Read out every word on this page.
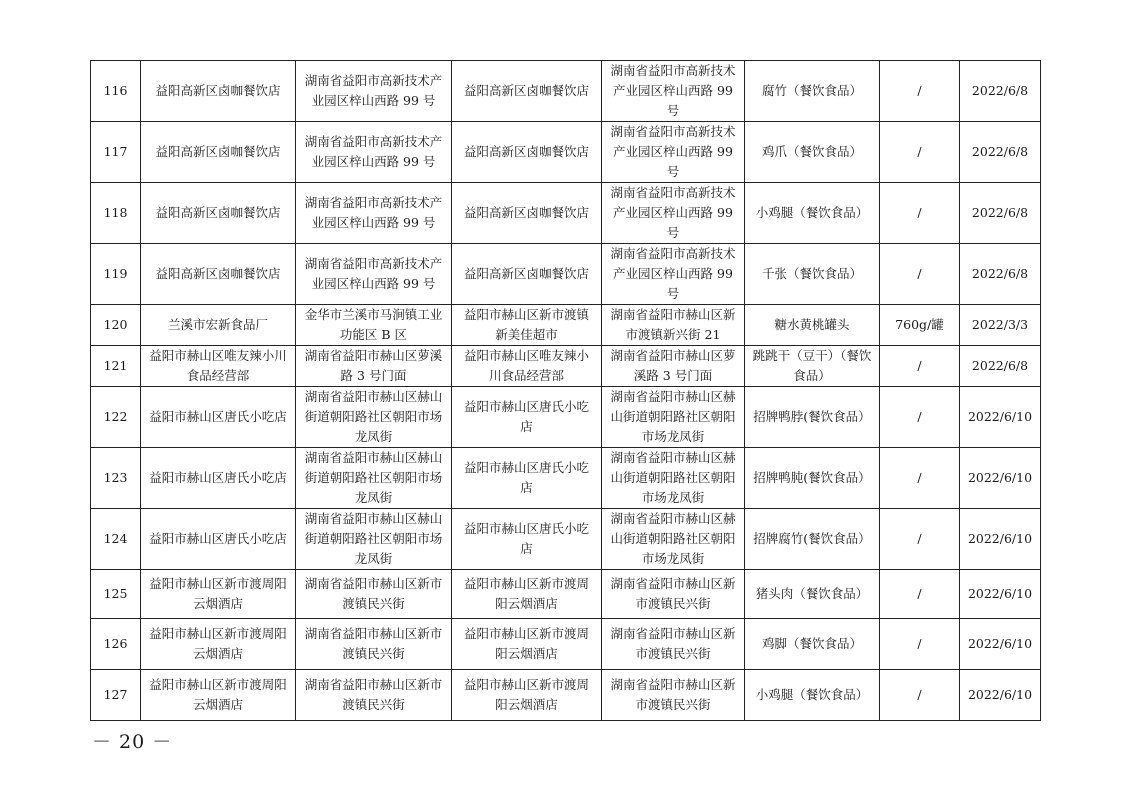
116	益阳高新区卤咖餐饮店	湖南省益阳市高新技术产业园区梓山西路 99 号	益阳高新区卤咖餐饮店	湖南省益阳市高新技术产业园区梓山西路 99 号	腐竹（餐饮食品）	/	2022/6/8
117	益阳高新区卤咖餐饮店	湖南省益阳市高新技术产业园区梓山西路 99 号	益阳高新区卤咖餐饮店	湖南省益阳市高新技术产业园区梓山西路 99 号	鸡爪（餐饮食品）	/	2022/6/8
118	益阳高新区卤咖餐饮店	湖南省益阳市高新技术产业园区梓山西路 99 号	益阳高新区卤咖餐饮店	湖南省益阳市高新技术产业园区梓山西路 99 号	小鸡腿（餐饮食品）	/	2022/6/8
119	益阳高新区卤咖餐饮店	湖南省益阳市高新技术产业园区梓山西路 99 号	益阳高新区卤咖餐饮店	湖南省益阳市高新技术产业园区梓山西路 99 号	千张（餐饮食品）	/	2022/6/8
120	兰溪市宏新食品厂	金华市兰溪市马涧镇工业功能区 B 区	益阳市赫山区新市渡镇新美佳超市	湖南省益阳市赫山区新市渡镇新兴街 21	糖水黄桃罐头	760g/罐	2022/3/3
121	益阳市赫山区唯友辣小川食品经营部	湖南省益阳市赫山区萝溪路 3 号门面	益阳市赫山区唯友辣小川食品经营部	湖南省益阳市赫山区萝溪路 3 号门面	跳跳干（豆干）（餐饮食品）	/	2022/6/8
122	益阳市赫山区唐氏小吃店	湖南省益阳市赫山区赫山街道朝阳路社区朝阳市场龙凤街	益阳市赫山区唐氏小吃店	湖南省益阳市赫山区赫山街道朝阳路社区朝阳市场龙凤街	招牌鸭脖(餐饮食品）	/	2022/6/10
123	益阳市赫山区唐氏小吃店	湖南省益阳市赫山区赫山街道朝阳路社区朝阳市场龙凤街	益阳市赫山区唐氏小吃店	湖南省益阳市赫山区赫山街道朝阳路社区朝阳市场龙凤街	招牌鸭肫(餐饮食品）	/	2022/6/10
124	益阳市赫山区唐氏小吃店	湖南省益阳市赫山区赫山街道朝阳路社区朝阳市场龙凤街	益阳市赫山区唐氏小吃店	湖南省益阳市赫山区赫山街道朝阳路社区朝阳市场龙凤街	招牌腐竹(餐饮食品）	/	2022/6/10
125	益阳市赫山区新市渡周阳云烟酒店	湖南省益阳市赫山区新市渡镇民兴街	益阳市赫山区新市渡周阳云烟酒店	湖南省益阳市赫山区新市渡镇民兴街	猪头肉（餐饮食品）	/	2022/6/10
126	益阳市赫山区新市渡周阳云烟酒店	湖南省益阳市赫山区新市渡镇民兴街	益阳市赫山区新市渡周阳云烟酒店	湖南省益阳市赫山区新市渡镇民兴街	鸡脚（餐饮食品）	/	2022/6/10
127	益阳市赫山区新市渡周阳云烟酒店	湖南省益阳市赫山区新市渡镇民兴街	益阳市赫山区新市渡周阳云烟酒店	湖南省益阳市赫山区新市渡镇民兴街	小鸡腿（餐饮食品）	/	2022/6/10
－ 20 －
